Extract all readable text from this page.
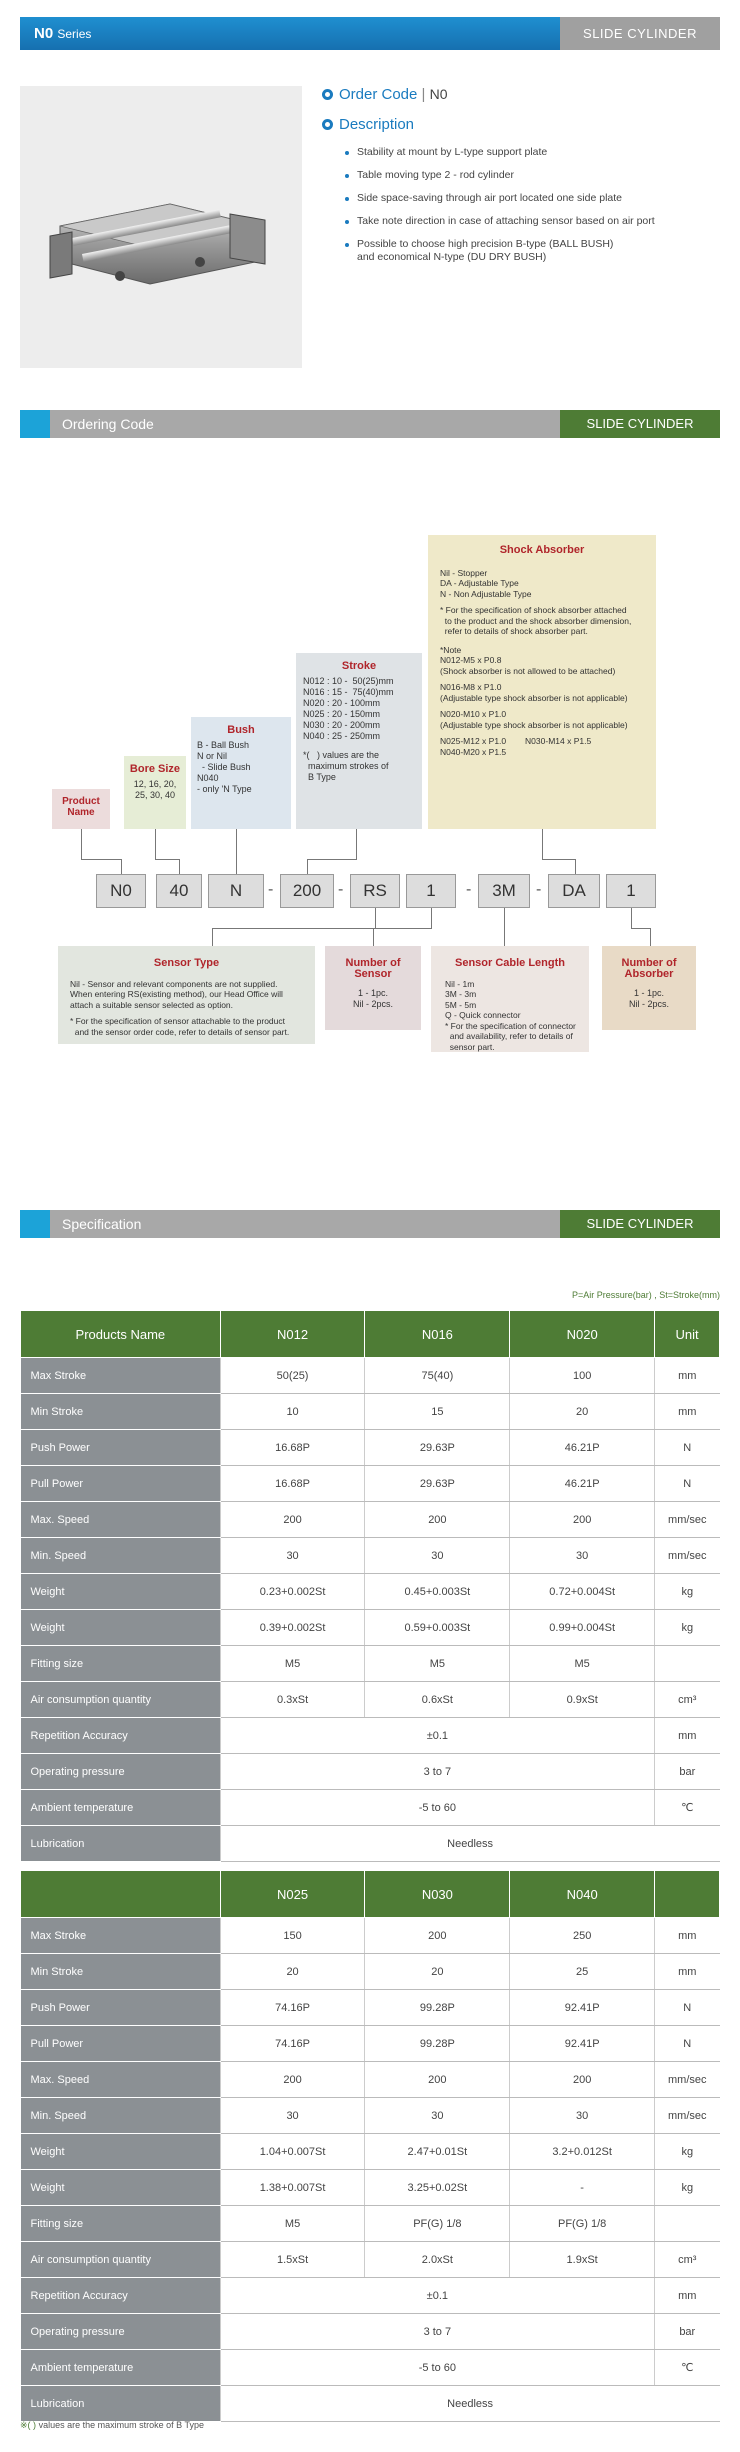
N0 Series	SLIDE CYLINDER
Order Code | N0
Description
Stability at mount by L-type support plate
Table moving type 2 - rod cylinder
Side space-saving through air port located one side plate
Take note direction in case of attaching sensor based on air port
Possible to choose high precision B-type (BALL BUSH)
and economical N-type (DU DRY BUSH)
Ordering Code	SLIDE CYLINDER
Product Name
Bore Size
12, 16, 20,
25, 30, 40
Bush
B - Ball Bush
N or Nil
- Slide Bush
N040
- only 'N Type
Stroke
N012 : 10 -  50(25)mm
N016 : 15 -  75(40)mm
N020 : 20 - 100mm
N025 : 20 - 150mm
N030 : 20 - 200mm
N040 : 25 - 250mm
*(   ) values are the
maximum strokes of
B Type
Shock Absorber
Nil - Stopper
DA - Adjustable Type
N - Non Adjustable Type
* For the specification of shock absorber attached
to the product and the shock absorber dimension,
refer to details of shock absorber part.
*Note
N012-M5 x P0.8
(Shock absorber is not allowed to be attached)
N016-M8 x P1.0
(Adjustable type shock absorber is not applicable)
N020-M10 x P1.0
(Adjustable type shock absorber is not applicable)
N025-M12 x P1.0        N030-M14 x P1.5
N040-M20 x P1.5
N0	40	N	-	200	-	RS	1	-	3M	-	DA	1
Sensor Type
Nil - Sensor and relevant components are not supplied.
When entering RS(existing method), our Head Office will
attach a suitable sensor selected as option.
* For the specification of sensor attachable to the product
and the sensor order code, refer to details of sensor part.
Number of Sensor
1 - 1pc.
Nil - 2pcs.
Sensor Cable Length
Nil - 1m
3M - 3m
5M - 5m
Q - Quick connector
* For the specification of connector
and availability, refer to details of
sensor part.
Number of Absorber
1 - 1pc.
Nil - 2pcs.
Specification	SLIDE CYLINDER
P=Air Pressure(bar) , St=Stroke(mm)
Products Name	N012	N016	N020	Unit
Max Stroke	50(25)	75(40)	100	mm
Min Stroke	10	15	20	mm
Push Power	16.68P	29.63P	46.21P	N
Pull Power	16.68P	29.63P	46.21P	N
Max. Speed	200	200	200	mm/sec
Min. Speed	30	30	30	mm/sec
Weight	0.23+0.002St	0.45+0.003St	0.72+0.004St	kg
Weight	0.39+0.002St	0.59+0.003St	0.99+0.004St	kg
Fitting size	M5	M5	M5	
Air consumption quantity	0.3xSt	0.6xSt	0.9xSt	cm³
Repetition Accuracy	±0.1			mm
Operating pressure	3 to 7			bar
Ambient temperature	-5 to 60			℃
Lubrication	Needless			
	N025	N030	N040	
Max Stroke	150	200	250	mm
Min Stroke	20	20	25	mm
Push Power	74.16P	99.28P	92.41P	N
Pull Power	74.16P	99.28P	92.41P	N
Max. Speed	200	200	200	mm/sec
Min. Speed	30	30	30	mm/sec
Weight	1.04+0.007St	2.47+0.01St	3.2+0.012St	kg
Weight	1.38+0.007St	3.25+0.02St	-	kg
Fitting size	M5	PF(G) 1/8	PF(G) 1/8	
Air consumption quantity	1.5xSt	2.0xSt	1.9xSt	cm³
Repetition Accuracy	±0.1			mm
Operating pressure	3 to 7			bar
Ambient temperature	-5 to 60			℃
Lubrication	Needless			
※( ) values are the maximum stroke of B Type
